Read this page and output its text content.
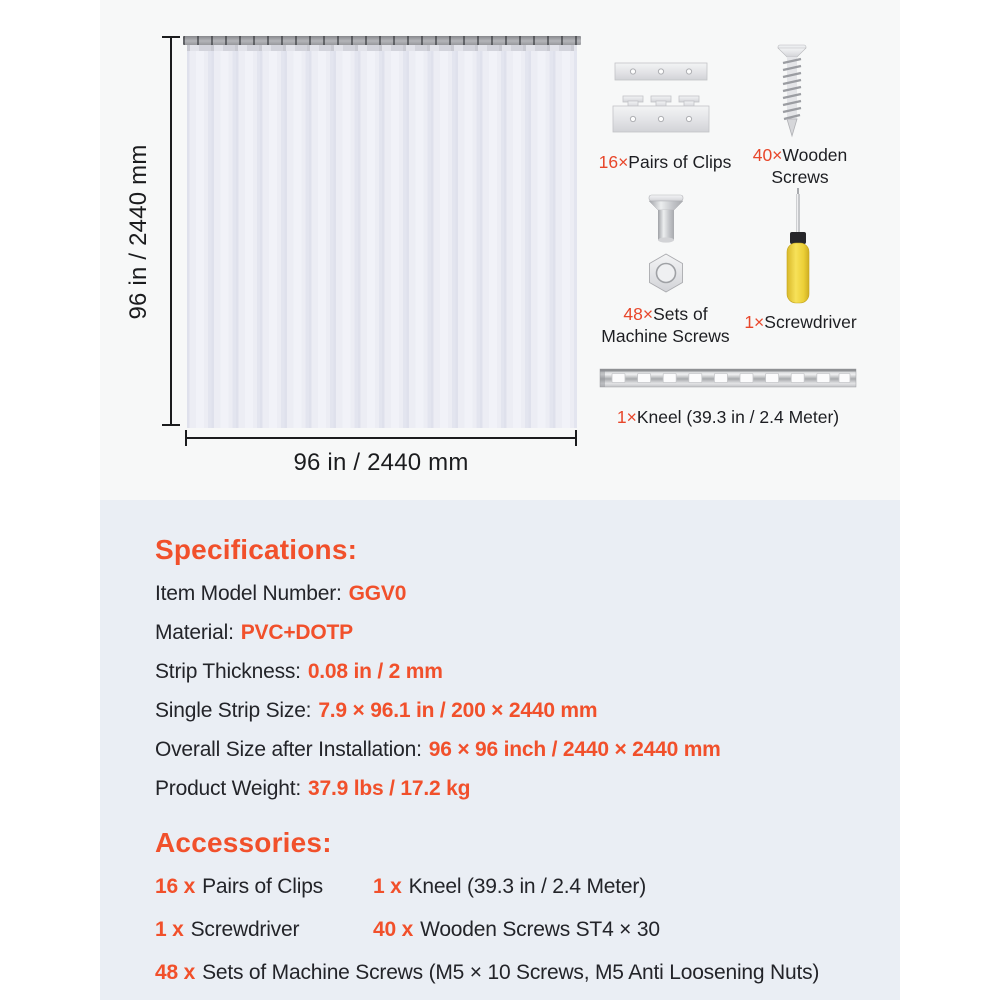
96 in / 2440 mm
96 in / 2440 mm
16×Pairs of Clips	40×Wooden Screws
48×Sets of Machine Screws
1×Screwdriver
1×Kneel (39.3 in / 2.4 Meter)
Specifications:
Item Model Number: GGV0
Material: PVC+DOTP
Strip Thickness: 0.08 in / 2 mm
Single Strip Size: 7.9 × 96.1 in / 200 × 2440 mm
Overall Size after Installation: 96 × 96 inch / 2440 × 2440 mm
Product Weight: 37.9 lbs / 17.2 kg
Accessories:
16 x Pairs of Clips	1 x Kneel (39.3 in / 2.4 Meter)
1 x Screwdriver	40 x Wooden Screws ST4 × 30
48 x Sets of Machine Screws (M5 × 10 Screws, M5 Anti Loosening Nuts)
